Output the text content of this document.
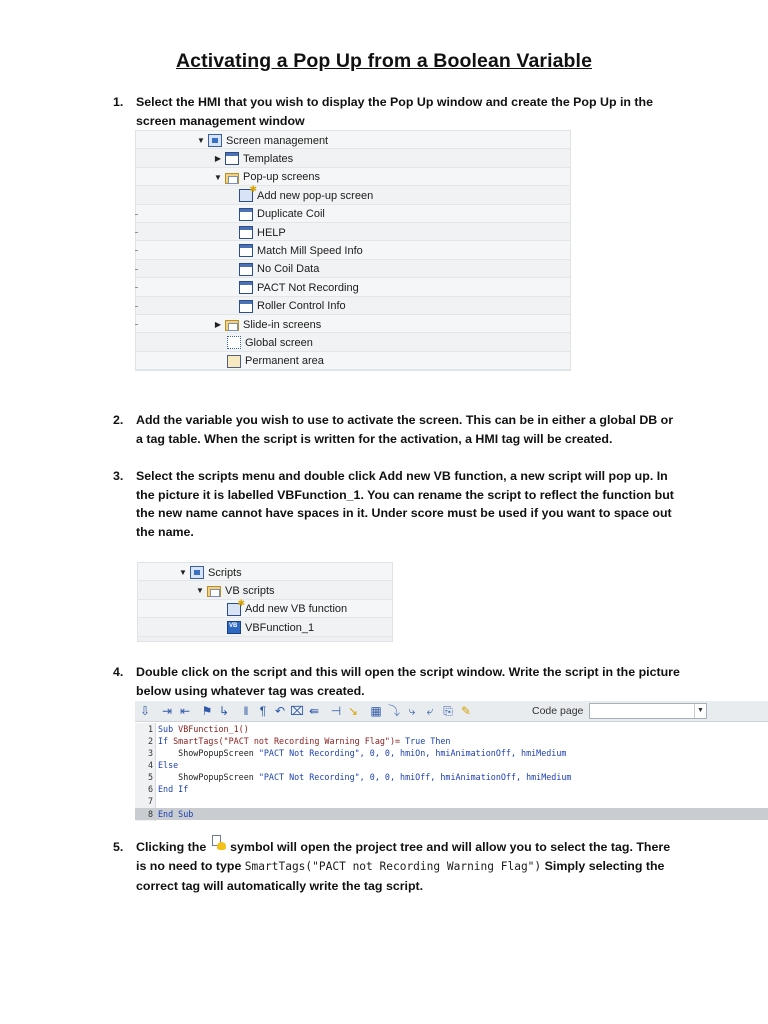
Activating a Pop Up from a Boolean Variable
1. Select the HMI that you wish to display the Pop Up window and create the Pop Up in the screen management window
▼ Screen management
▶ Templates
▼ Pop-up screens
✱
Add new pop-up screen
Duplicate Coil
HELP
Match Mill Speed Info
No Coil Data
PACT Not Recording
Roller Control Info
▶ Slide-in screens
Global screen
Permanent area
2. Add the variable you wish to use to activate the screen. This can be in either a global DB or a tag table. When the script is written for the activation, a HMI tag will be created.
3. Select the scripts menu and double click Add new VB function, a new script will pop up. In the picture it is labelled VBFunction_1. You can rename the script to reflect the function but the new name cannot have spaces in it. Under score must be used if you want to space out the name.
▼ Scripts
▼ VB scripts
✱
Add new VB function
VB
VBFunction_1
4. Double click on the script and this will open the script window. Write the script in the picture below using whatever tag was created.
⇩ ⇥ ⇤ ⚑ ↳	‖ ¶ ↶ ⌧ ⇚ ⊣ ↘ ▦ ⤵ ⤷ ⤶ ⎘ ✎	Code page	▼
1 Sub VBFunction_1()
2 If SmartTags("PACT not Recording Warning Flag")= True Then
3 ShowPopupScreen "PACT Not Recording", 0, 0, hmiOn, hmiAnimationOff, hmiMedium
4 Else
5 ShowPopupScreen "PACT Not Recording", 0, 0, hmiOff, hmiAnimationOff, hmiMedium
6 End If
7
8 End Sub
5. Clicking the symbol will open the project tree and will allow you to select the tag. There is no need to type SmartTags("PACT not Recording Warning Flag") Simply selecting the correct tag will automatically write the tag script.
